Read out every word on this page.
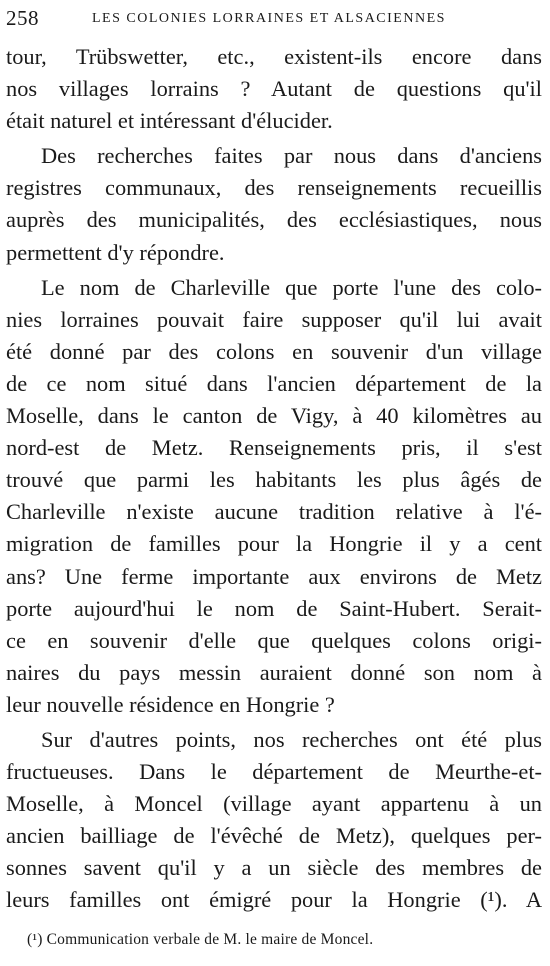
258	LES COLONIES LORRAINES ET ALSACIENNES
tour, Trübswetter, etc., existent-ils encore dans
nos villages lorrains ? Autant de questions qu'il
était naturel et intéressant d'élucider.
Des recherches faites par nous dans d'anciens
registres communaux, des renseignements recueillis
auprès des municipalités, des ecclésiastiques, nous
permettent d'y répondre.
Le nom de Charleville que porte l'une des colo-
nies lorraines pouvait faire supposer qu'il lui avait
été donné par des colons en souvenir d'un village
de ce nom situé dans l'ancien département de la
Moselle, dans le canton de Vigy, à 40 kilomètres au
nord-est de Metz. Renseignements pris, il s'est
trouvé que parmi les habitants les plus âgés de
Charleville n'existe aucune tradition relative à l'é-
migration de familles pour la Hongrie il y a cent
ans? Une ferme importante aux environs de Metz
porte aujourd'hui le nom de Saint-Hubert. Serait-
ce en souvenir d'elle que quelques colons origi-
naires du pays messin auraient donné son nom à
leur nouvelle résidence en Hongrie ?
Sur d'autres points, nos recherches ont été plus
fructueuses. Dans le département de Meurthe-et-
Moselle, à Moncel (village ayant appartenu à un
ancien bailliage de l'évêché de Metz), quelques per-
sonnes savent qu'il y a un siècle des membres de
leurs familles ont émigré pour la Hongrie (¹). A
(¹) Communication verbale de M. le maire de Moncel.
